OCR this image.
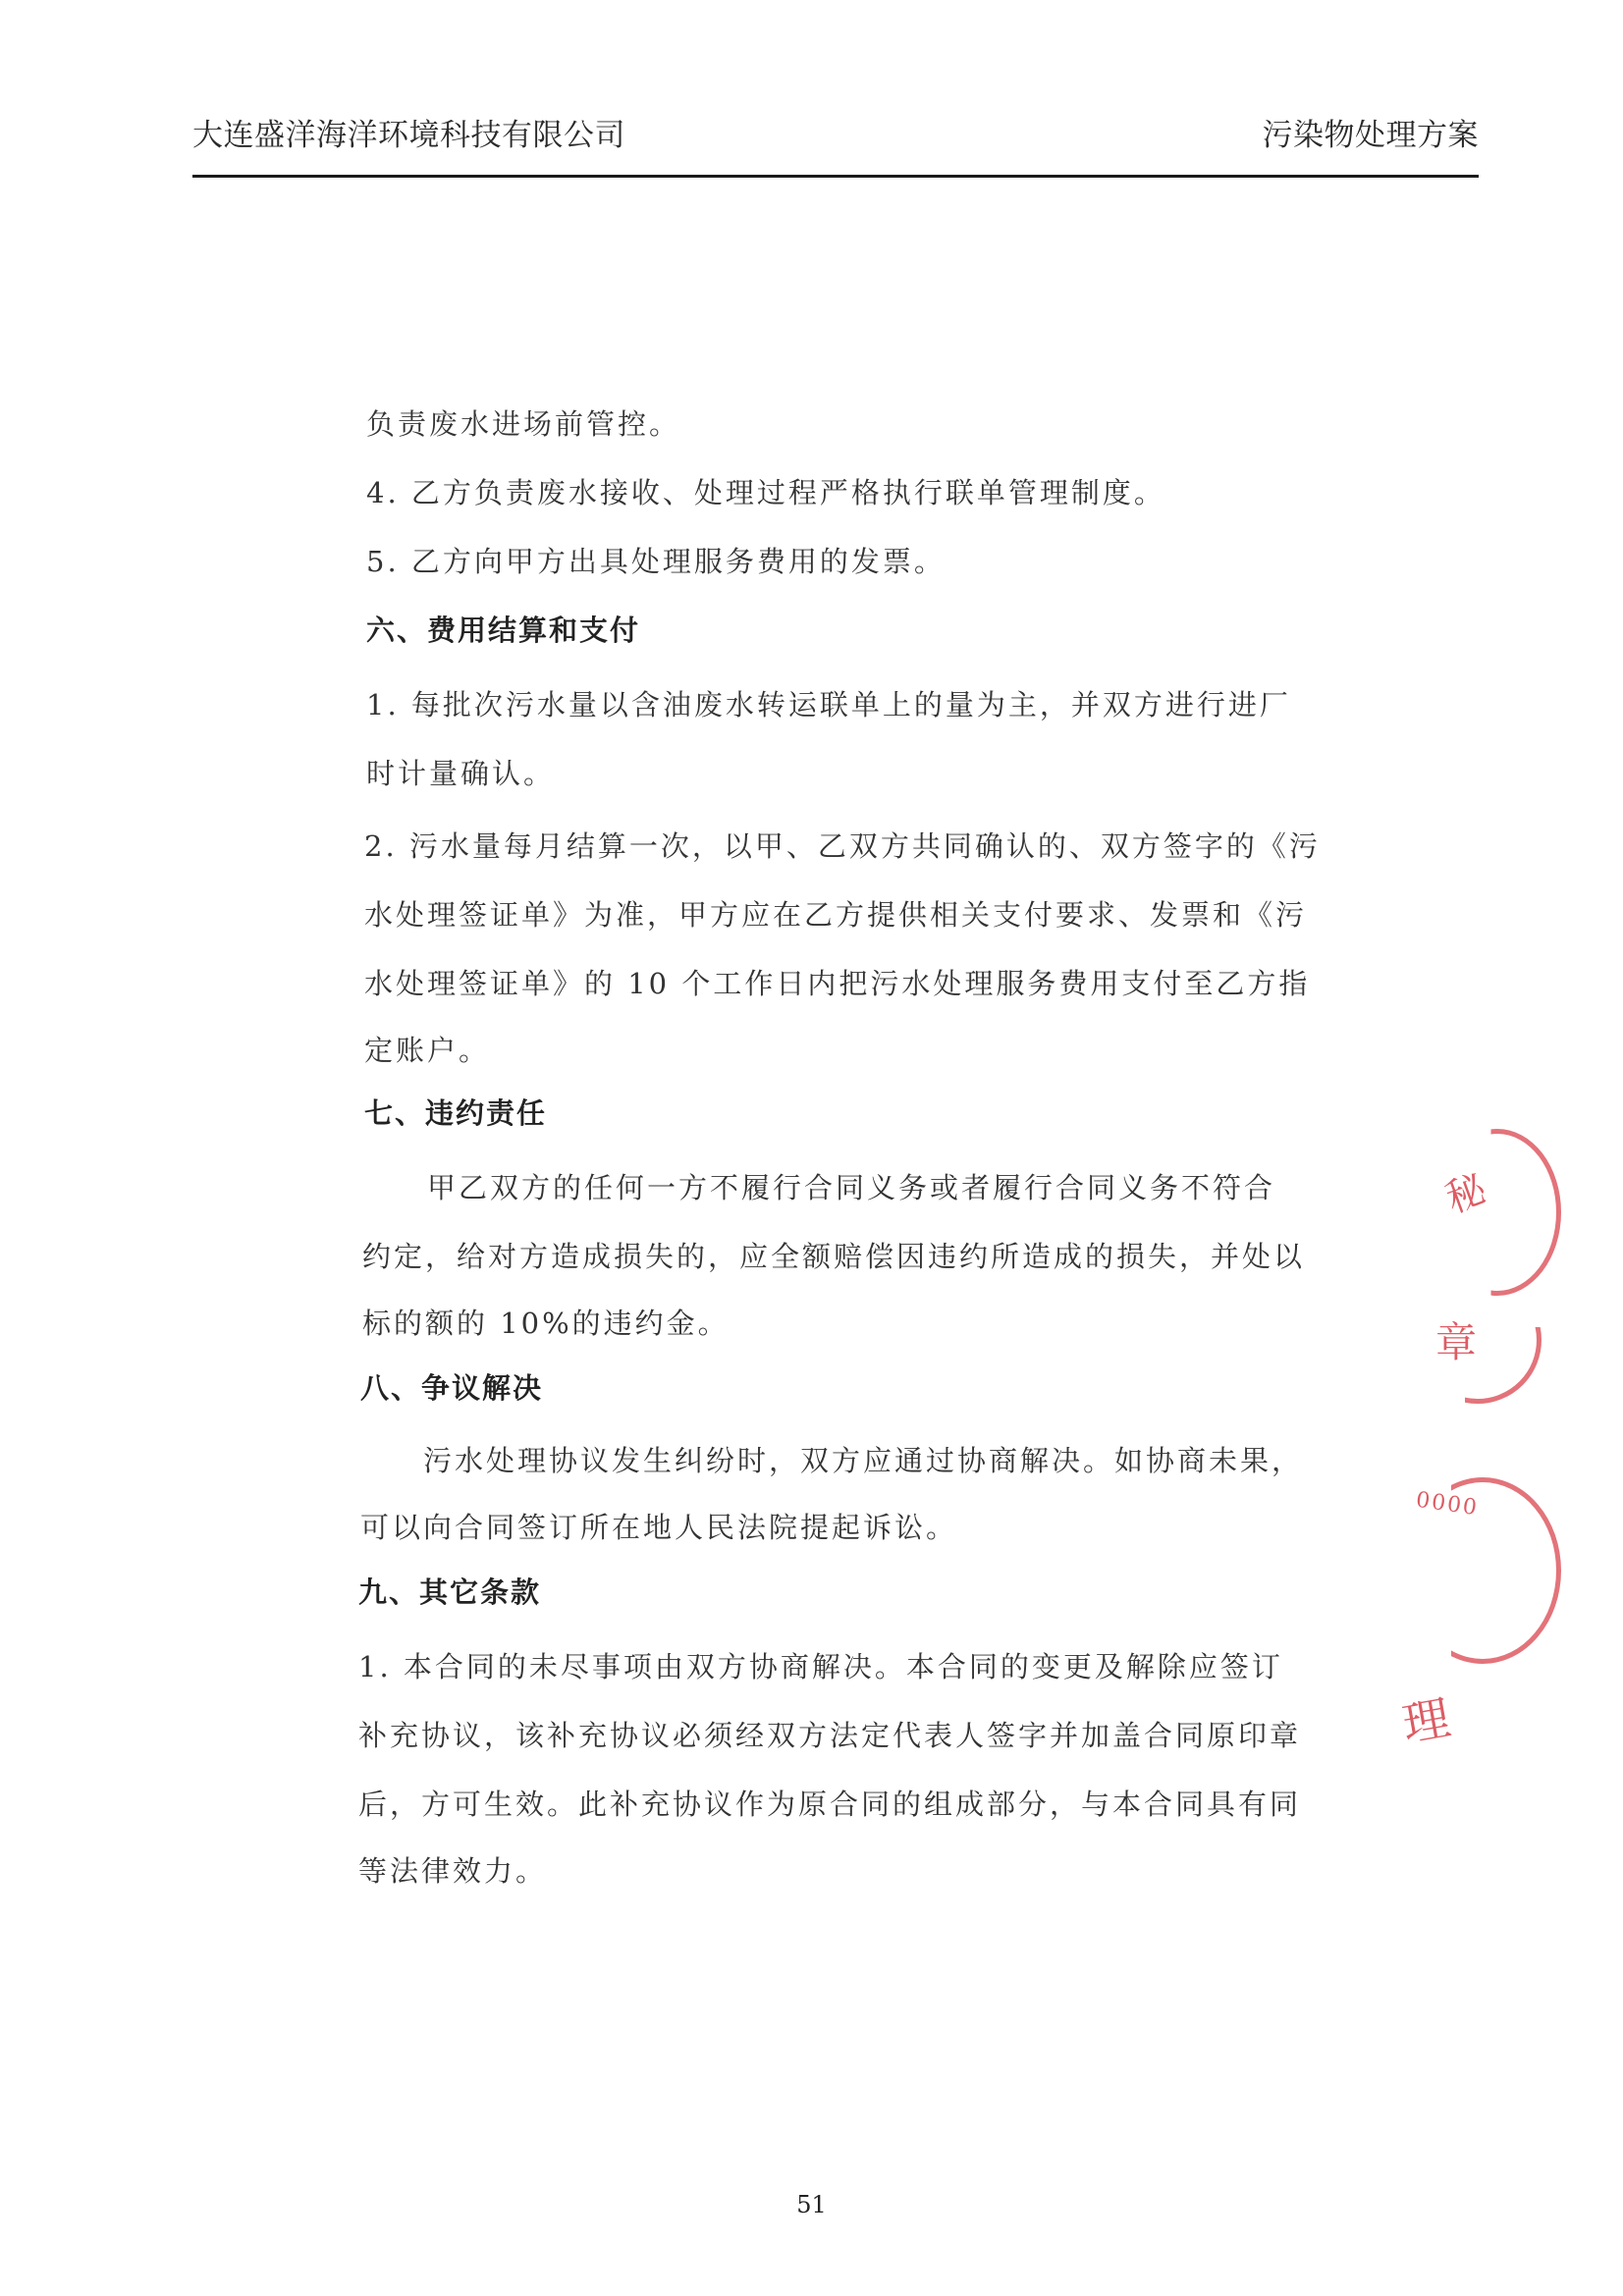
大连盛洋海洋环境科技有限公司	污染物处理方案
负责废水进场前管控。
4. 乙方负责废水接收、处理过程严格执行联单管理制度。
5. 乙方向甲方出具处理服务费用的发票。
六、费用结算和支付
1. 每批次污水量以含油废水转运联单上的量为主，并双方进行进厂
时计量确认。
2. 污水量每月结算一次，以甲、乙双方共同确认的、双方签字的《污
水处理签证单》为准，甲方应在乙方提供相关支付要求、发票和《污
水处理签证单》的 10 个工作日内把污水处理服务费用支付至乙方指
定账户。
七、违约责任
甲乙双方的任何一方不履行合同义务或者履行合同义务不符合
约定，给对方造成损失的，应全额赔偿因违约所造成的损失，并处以
标的额的 10%的违约金。
八、争议解决
污水处理协议发生纠纷时，双方应通过协商解决。如协商未果，
可以向合同签订所在地人民法院提起诉讼。
九、其它条款
1. 本合同的未尽事项由双方协商解决。本合同的变更及解除应签订
补充协议，该补充协议必须经双方法定代表人签字并加盖合同原印章
后，方可生效。此补充协议作为原合同的组成部分，与本合同具有同
等法律效力。
秘
章
0000
理
51
